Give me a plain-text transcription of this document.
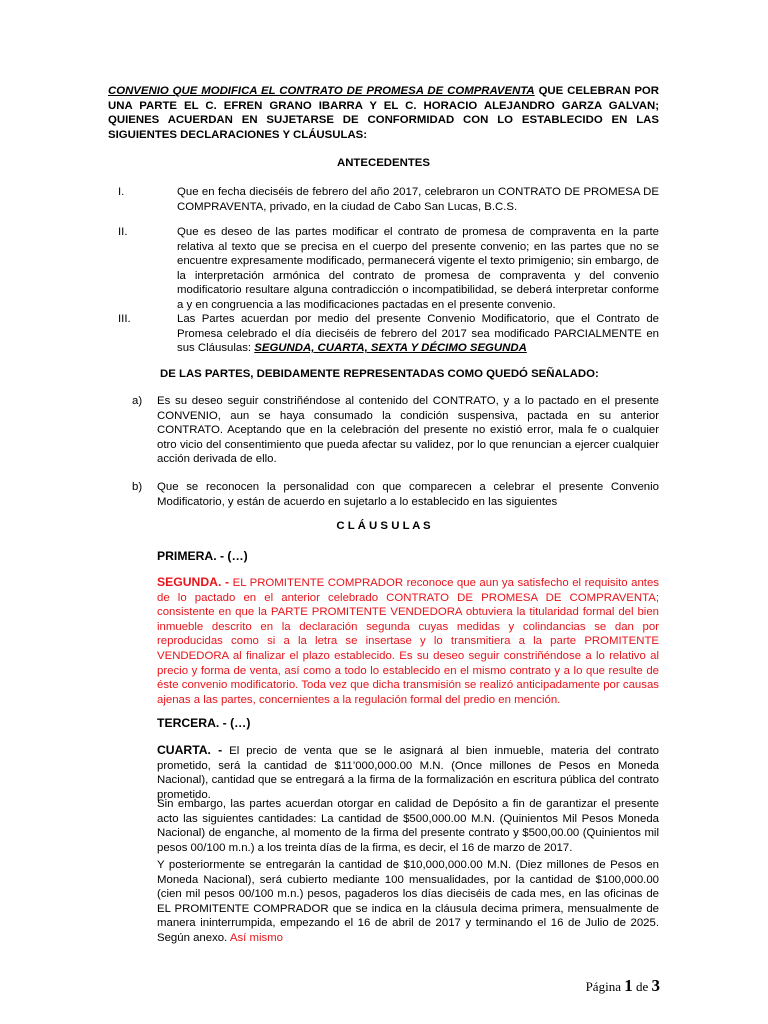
CONVENIO QUE MODIFICA EL CONTRATO DE PROMESA DE COMPRAVENTA QUE CELEBRAN POR UNA PARTE EL C. EFREN GRANO IBARRA Y EL C. HORACIO ALEJANDRO GARZA GALVAN; QUIENES ACUERDAN EN SUJETARSE DE CONFORMIDAD CON LO ESTABLECIDO EN LAS SIGUIENTES DECLARACIONES Y CLÁUSULAS:
ANTECEDENTES
I.	Que en fecha dieciséis de febrero del año 2017, celebraron un CONTRATO DE PROMESA DE COMPRAVENTA, privado, en la ciudad de Cabo San Lucas, B.C.S.
II.	Que es deseo de las partes modificar el contrato de promesa de compraventa en la parte relativa al texto que se precisa en el cuerpo del presente convenio; en las partes que no se encuentre expresamente modificado, permanecerá vigente el texto primigenio; sin embargo, de la interpretación armónica del contrato de promesa de compraventa y del convenio modificatorio resultare alguna contradicción o incompatibilidad, se deberá interpretar conforme a y en congruencia a las modificaciones pactadas en el presente convenio.
III.	Las Partes acuerdan por medio del presente Convenio Modificatorio, que el Contrato de Promesa celebrado el día dieciséis de febrero del 2017 sea modificado PARCIALMENTE en sus Cláusulas: SEGUNDA, CUARTA, SEXTA Y DÉCIMO SEGUNDA
DE LAS PARTES, DEBIDAMENTE REPRESENTADAS COMO QUEDÓ SEÑALADO:
a) Es su deseo seguir constriñéndose al contenido del CONTRATO, y a lo pactado en el presente CONVENIO, aun se haya consumado la condición suspensiva, pactada en su anterior CONTRATO. Aceptando que en la celebración del presente no existió error, mala fe o cualquier otro vicio del consentimiento que pueda afectar su validez, por lo que renuncian a ejercer cualquier acción derivada de ello.
b) Que se reconocen la personalidad con que comparecen a celebrar el presente Convenio Modificatorio, y están de acuerdo en sujetarlo a lo establecido en las siguientes
C L Á U S U L A S
PRIMERA. - (…)
SEGUNDA. - EL PROMITENTE COMPRADOR reconoce que aun ya satisfecho el requisito antes de lo pactado en el anterior celebrado CONTRATO DE PROMESA DE COMPRAVENTA; consistente en que la PARTE PROMITENTE VENDEDORA obtuviera la titularidad formal del bien inmueble descrito en la declaración segunda cuyas medidas y colindancias se dan por reproducidas como si a la letra se insertase y lo transmitiera a la parte PROMITENTE VENDEDORA al finalizar el plazo establecido. Es su deseo seguir constriñéndose a lo relativo al precio y forma de venta, así como a todo lo establecido en el mismo contrato y a lo que resulte de éste convenio modificatorio. Toda vez que dicha transmisión se realizó anticipadamente por causas ajenas a las partes, concernientes a la regulación formal del predio en mención.
TERCERA. - (…)
CUARTA. - El precio de venta que se le asignará al bien inmueble, materia del contrato prometido, será la cantidad de $11’000,000.00 M.N. (Once millones de Pesos en Moneda Nacional), cantidad que se entregará a la firma de la formalización en escritura pública del contrato prometido.
Sin embargo, las partes acuerdan otorgar en calidad de Depósito a fin de garantizar el presente acto las siguientes cantidades: La cantidad de $500,000.00 M.N. (Quinientos Mil Pesos Moneda Nacional) de enganche, al momento de la firma del presente contrato y $500,00.00 (Quinientos mil pesos 00/100 m.n.) a los treinta días de la firma, es decir, el 16 de marzo de 2017.
Y posteriormente se entregarán la cantidad de $10,000,000.00 M.N. (Diez millones de Pesos en Moneda Nacional), será cubierto mediante 100 mensualidades, por la cantidad de $100,000.00 (cien mil pesos 00/100 m.n.) pesos, pagaderos los días dieciséis de cada mes, en las oficinas de EL PROMITENTE COMPRADOR que se indica en la cláusula decima primera, mensualmente de manera ininterrumpida, empezando el 16 de abril de 2017 y terminando el 16 de Julio de 2025. Según anexo. Así mismo
Página 1 de 3
